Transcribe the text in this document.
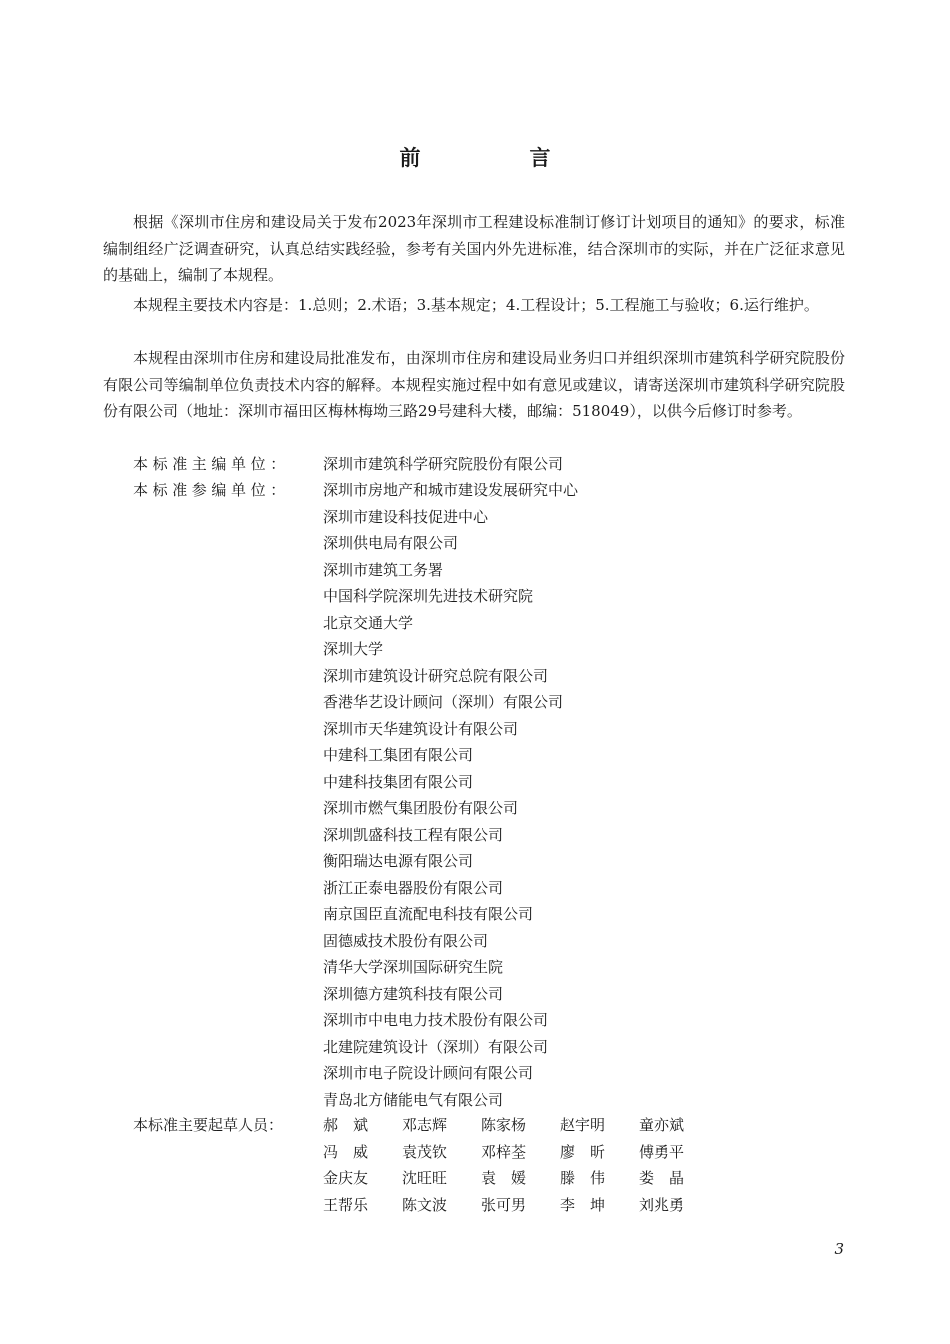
前　言

根据《深圳市住房和建设局关于发布2023年深圳市工程建设标准制订修订计划项目的通知》的要求，标准编制组经广泛调查研究，认真总结实践经验，参考有关国内外先进标准，结合深圳市的实际，并在广泛征求意见的基础上，编制了本规程。

本规程主要技术内容是：1.总则；2.术语；3.基本规定；4.工程设计；5.工程施工与验收；6.运行维护。

本规程由深圳市住房和建设局批准发布，由深圳市住房和建设局业务归口并组织深圳市建筑科学研究院股份有限公司等编制单位负责技术内容的解释。本规程实施过程中如有意见或建议，请寄送深圳市建筑科学研究院股份有限公司（地址：深圳市福田区梅林梅坳三路29号建科大楼，邮编：518049），以供今后修订时参考。

本标准主编单位：	深圳市建筑科学研究院股份有限公司
本标准参编单位：	深圳市房地产和城市建设发展研究中心
深圳市建设科技促进中心
深圳供电局有限公司
深圳市建筑工务署
中国科学院深圳先进技术研究院
北京交通大学
深圳大学
深圳市建筑设计研究总院有限公司
香港华艺设计顾问（深圳）有限公司
深圳市天华建筑设计有限公司
中建科工集团有限公司
中建科技集团有限公司
深圳市燃气集团股份有限公司
深圳凯盛科技工程有限公司
衡阳瑞达电源有限公司
浙江正泰电器股份有限公司
南京国臣直流配电科技有限公司
固德威技术股份有限公司
清华大学深圳国际研究生院
深圳德方建筑科技有限公司
深圳市中电电力技术股份有限公司
北建院建筑设计（深圳）有限公司
深圳市电子院设计顾问有限公司
青岛北方储能电气有限公司
本标准主要起草人员：	郝　斌	邓志辉	陈家杨	赵宇明	童亦斌
冯　威	袁茂钦	邓梓荃	廖　昕	傅勇平
金庆友	沈旺旺	袁　媛	滕　伟	娄　晶
王帮乐	陈文波	张可男	李　坤	刘兆勇
3
